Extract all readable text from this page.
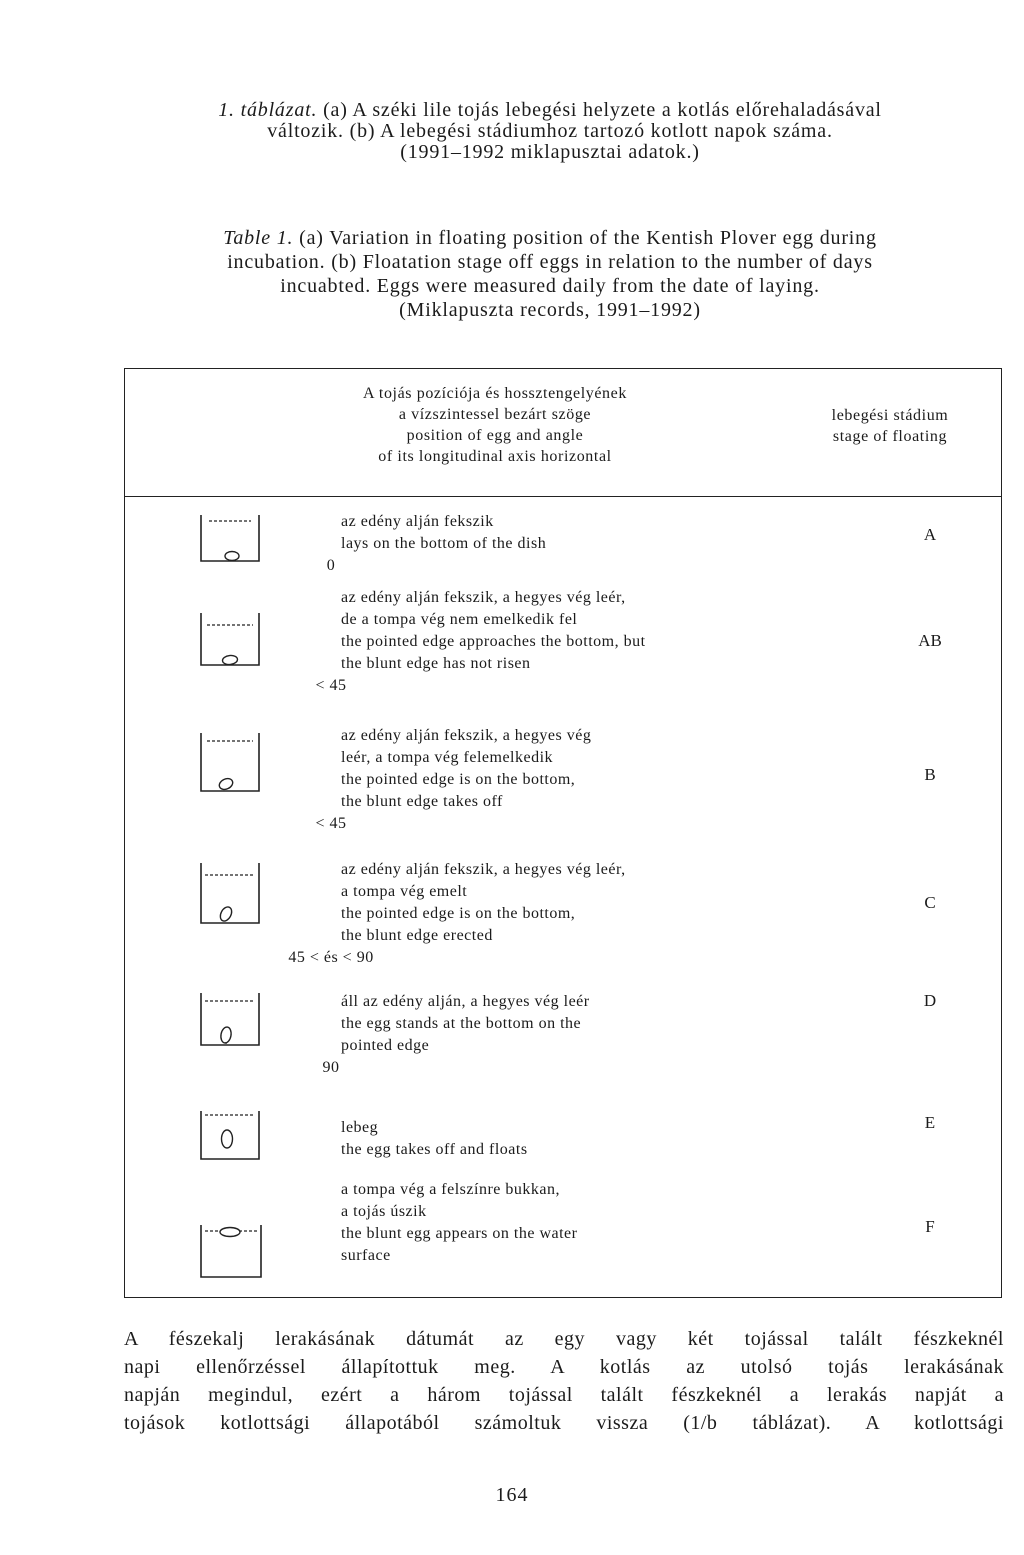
1. táblázat. (a) A széki lile tojás lebegési helyzete a kotlás előrehaladásával
változik. (b) A lebegési stádiumhoz tartozó kotlott napok száma.
(1991–1992 miklapusztai adatok.)
Table 1. (a) Variation in floating position of the Kentish Plover egg during
incubation. (b) Floatation stage off eggs in relation to the number of days
incuabted. Eggs were measured daily from the date of laying.
(Miklapuszta records, 1991–1992)
A tojás pozíciója és hossztengelyének
a vízszintessel bezárt szöge
position of egg and angle
of its longitudinal axis horizontal
lebegési stádium
stage of floating
az edény alján fekszik
lays on the bottom of the dish
0
A
az edény alján fekszik, a hegyes vég leér,
de a tompa vég nem emelkedik fel
the pointed edge approaches the bottom, but
the blunt edge has not risen
< 45
AB
az edény alján fekszik, a hegyes vég
leér, a tompa vég felemelkedik
the pointed edge is on the bottom,
the blunt edge takes off
< 45
B
az edény alján fekszik, a hegyes vég leér,
a tompa vég emelt
the pointed edge is on the bottom,
the blunt edge erected
45 < és < 90
C
áll az edény alján, a hegyes vég leér
the egg stands at the bottom on the
pointed edge
90
D
lebeg
the egg takes off and floats
E
a tompa vég a felszínre bukkan,
a tojás úszik
the blunt egg appears on the water
surface
F
A fészekalj lerakásának dátumát az egy vagy két tojással talált fészkeknél
napi ellenőrzéssel állapítottuk meg. A kotlás az utolsó tojás lerakásának
napján megindul, ezért a három tojással talált fészkeknél a lerakás napját a
tojások kotlottsági állapotából számoltuk vissza (1/b táblázat). A kotlottsági
164
